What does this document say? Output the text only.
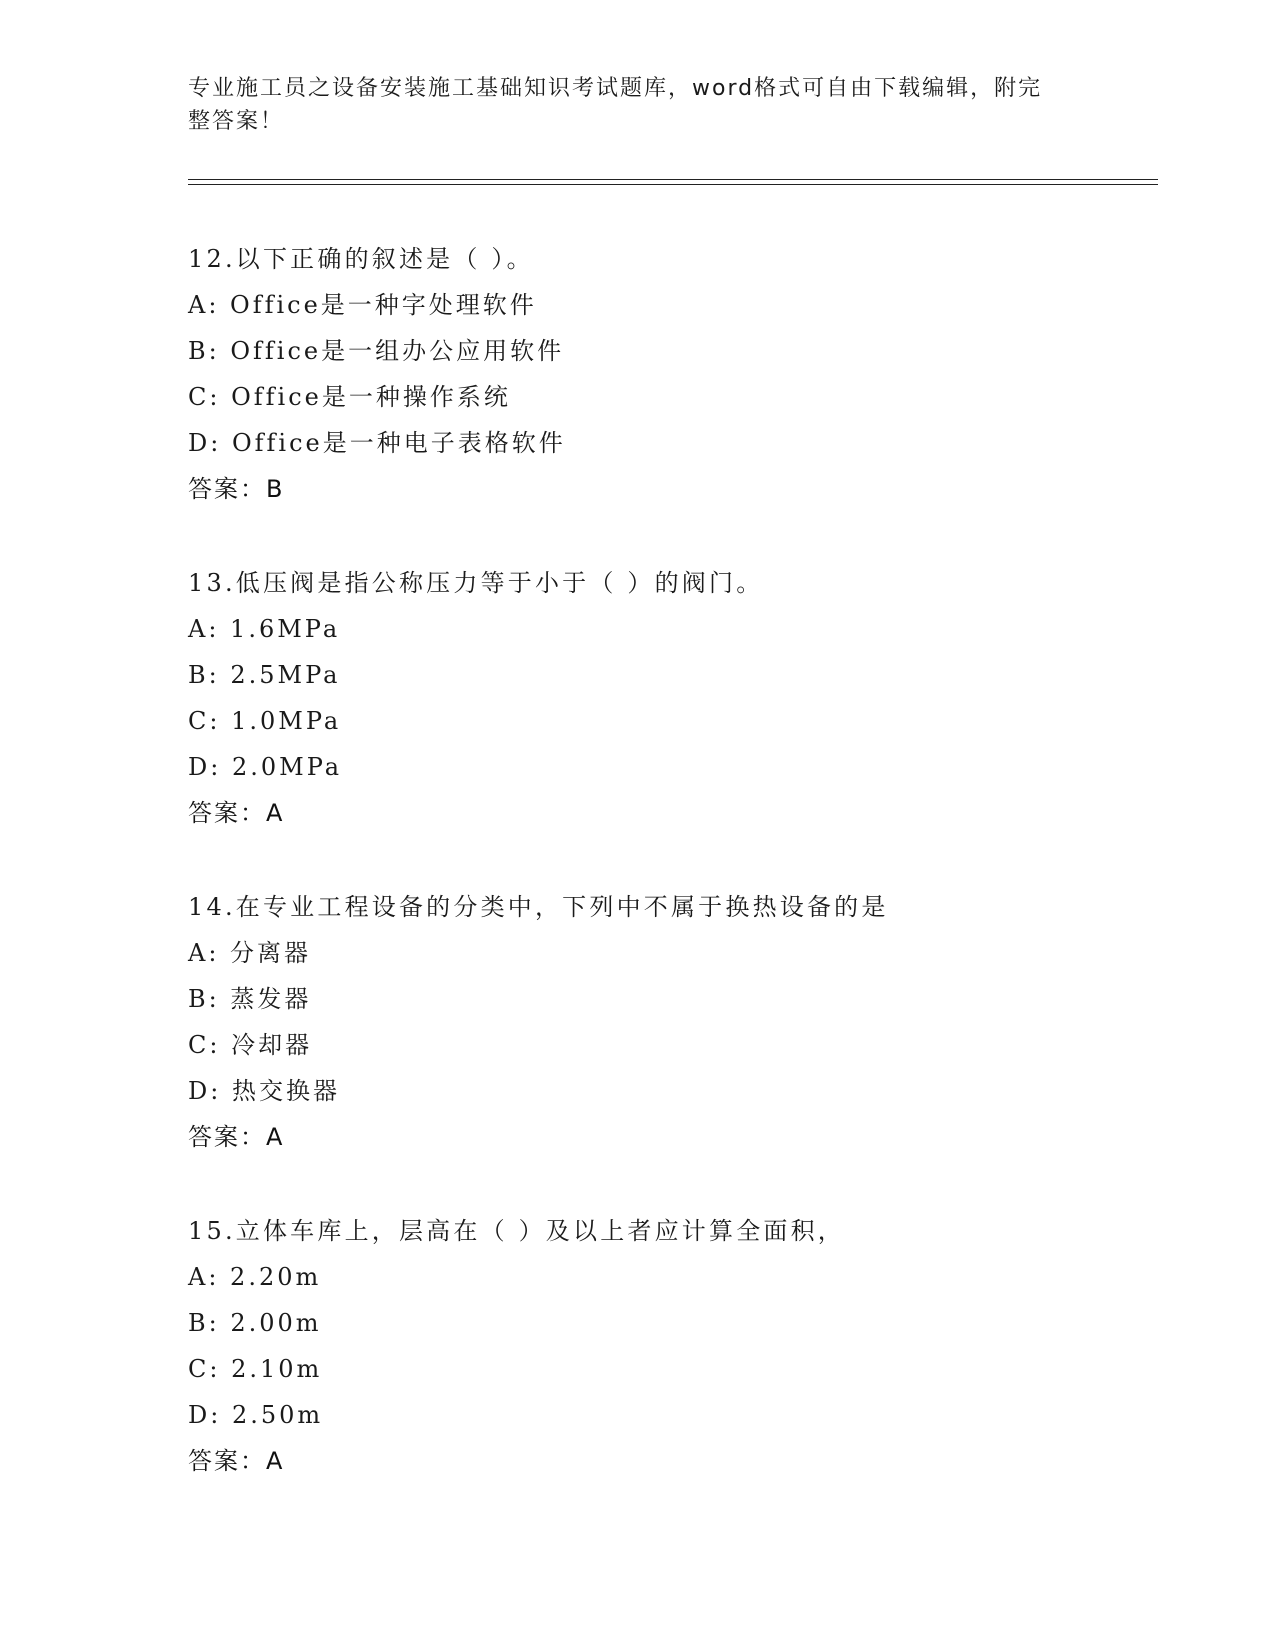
专业施工员之设备安装施工基础知识考试题库，word格式可自由下载编辑，附完
整答案！
12.以下正确的叙述是（ ）。
A: Office是一种字处理软件
B: Office是一组办公应用软件
C: Office是一种操作系统
D: Office是一种电子表格软件
答案：B
13.低压阀是指公称压力等于小于（ ）的阀门。
A: 1.6MPa
B: 2.5MPa
C: 1.0MPa
D: 2.0MPa
答案：A
14.在专业工程设备的分类中，下列中不属于换热设备的是
A: 分离器
B: 蒸发器
C: 冷却器
D: 热交换器
答案：A
15.立体车库上，层高在（ ）及以上者应计算全面积，
A: 2.20m
B: 2.00m
C: 2.10m
D: 2.50m
答案：A
